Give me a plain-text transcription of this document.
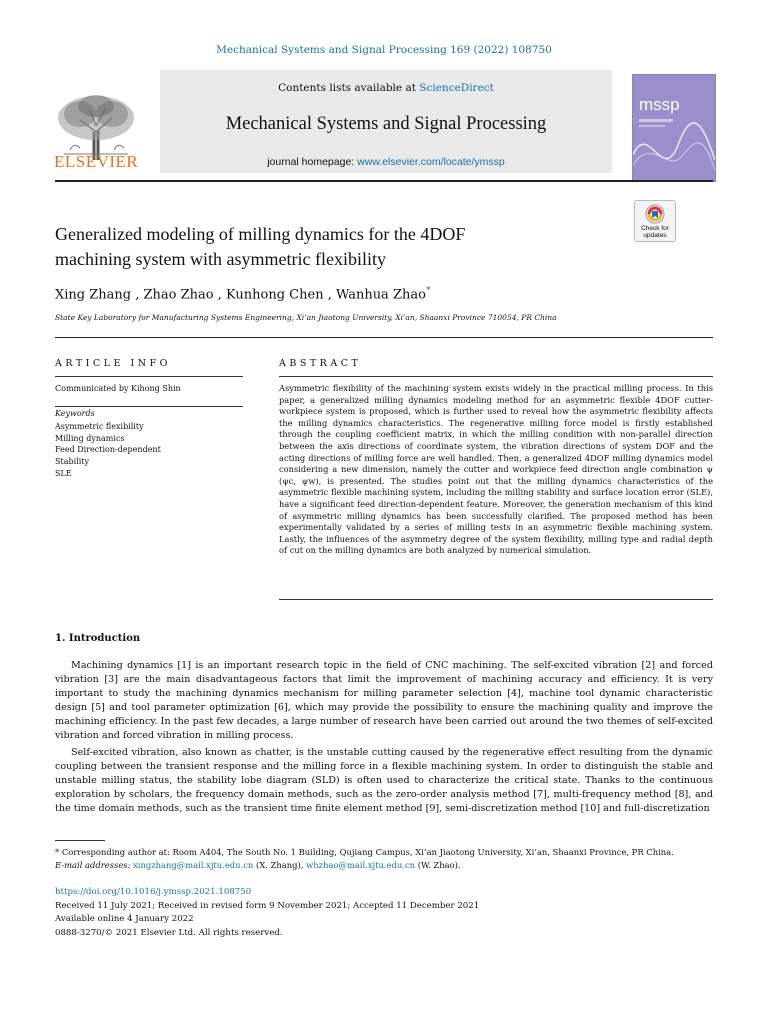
Mechanical Systems and Signal Processing 169 (2022) 108750
ELSEVIER
Contents lists available at ScienceDirect
Mechanical Systems and Signal Processing
journal homepage: www.elsevier.com/locate/ymssp
mssp
Generalized modeling of milling dynamics for the 4DOF
machining system with asymmetric flexibility
Check for updates
Xing Zhang , Zhao Zhao , Kunhong Chen , Wanhua Zhao*
State Key Laboratory for Manufacturing Systems Engineering, Xi’an Jiaotong University, Xi’an, Shaanxi Province 710054, PR China
ARTICLE INFO
Communicated by Kihong Shin
Keywords
Asymmetric flexibility
Milling dynamics
Feed Direction-dependent
Stability
SLE
ABSTRACT
Asymmetric flexibility of the machining system exists widely in the practical milling process. In this paper, a generalized milling dynamics modeling method for an asymmetric flexible 4DOF cutter-workpiece system is proposed, which is further used to reveal how the asymmetric flexibility affects the milling dynamics characteristics. The regenerative milling force model is firstly established through the coupling coefficient matrix, in which the milling condition with non-parallel direction between the axis directions of coordinate system, the vibration directions of system DOF and the acting directions of milling force are well handled. Then, a generalized 4DOF milling dynamics model considering a new dimension, namely the cutter and workpiece feed direction angle combination ψ (ψc, ψw), is presented. The studies point out that the milling dynamics characteristics of the asymmetric flexible machining system, including the milling stability and surface location error (SLE), have a significant feed direction-dependent feature. Moreover, the generation mechanism of this kind of asymmetric milling dynamics has been successfully clarified. The proposed method has been experimentally validated by a series of milling tests in an asymmetric flexible machining system. Lastly, the influences of the asymmetry degree of the system flexibility, milling type and radial depth of cut on the milling dynamics are both analyzed by numerical simulation.
1. Introduction
Machining dynamics [1] is an important research topic in the field of CNC machining. The self-excited vibration [2] and forced vibration [3] are the main disadvantageous factors that limit the improvement of machining accuracy and efficiency. It is very important to study the machining dynamics mechanism for milling parameter selection [4], machine tool dynamic characteristic design [5] and tool parameter optimization [6], which may provide the possibility to ensure the machining quality and improve the machining efficiency. In the past few decades, a large number of research have been carried out around the two themes of self-excited vibration and forced vibration in milling process.
Self-excited vibration, also known as chatter, is the unstable cutting caused by the regenerative effect resulting from the dynamic coupling between the transient response and the milling force in a flexible machining system. In order to distinguish the stable and unstable milling status, the stability lobe diagram (SLD) is often used to characterize the critical state. Thanks to the continuous exploration by scholars, the frequency domain methods, such as the zero-order analysis method [7], multi-frequency method [8], and the time domain methods, such as the transient time finite element method [9], semi-discretization method [10] and full-discretization
* Corresponding author at: Room A404, The South No. 1 Building, Qujiang Campus, Xi’an Jiaotong University, Xi’an, Shaanxi Province, PR China.
E-mail addresses: xingzhang@mail.xjtu.edu.cn (X. Zhang), whzhao@mail.xjtu.edu.cn (W. Zhao).
https://doi.org/10.1016/j.ymssp.2021.108750
Received 11 July 2021; Received in revised form 9 November 2021; Accepted 11 December 2021
Available online 4 January 2022
0888-3270/© 2021 Elsevier Ltd. All rights reserved.
